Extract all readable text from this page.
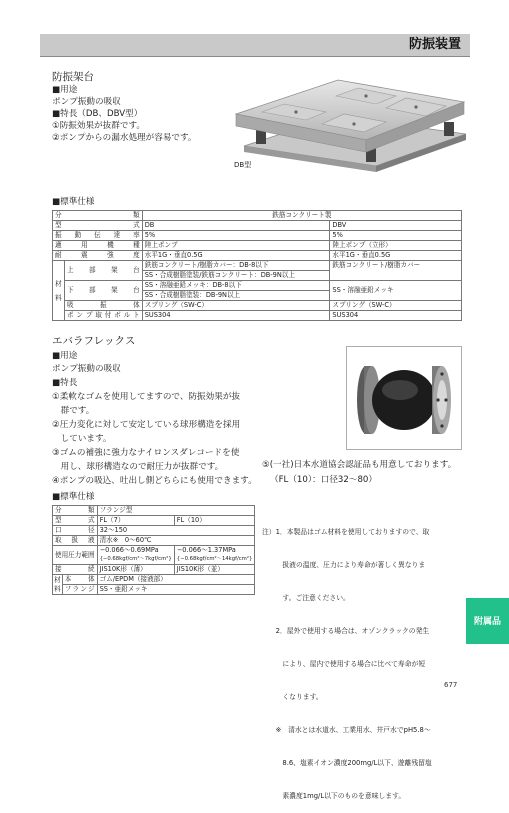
防振装置
防振架台
■用途
ポンプ振動の吸収
■特長（DB、DBV型）
①防振効果が抜群です。
②ポンプからの漏水処理が容易です。
DB型
■標準仕様
分類		鉄筋コンクリート製	
型式		DB	DBV
振動伝達率		5%	5%
適用機種		陸上ポンプ	陸上ポンプ（立形）
耐震強度		水平1G・垂直0.5G	水平1G・垂直0.5G
材料	上部架台	鉄筋コンクリート/樹脂カバー：DB-8以下	鉄筋コンクリート/樹脂カバー
		SS・合成樹脂塗装/鉄筋コンクリート：DB-9N以上	
	下部架台	SS・溶融亜鉛メッキ：DB-8以下	SS・溶融亜鉛メッキ
		SS・合成樹脂塗装：DB-9N以上	
	吸振体	スプリング（SW-C）	スプリング（SW-C）
	ポンプ取付ボルト	SUS304	SUS304
エバラフレックス
■用途
ポンプ振動の吸収
■特長
①柔軟なゴムを使用してますので、防振効果が抜
　群です。
②圧力変化に対して安定している球形構造を採用
　しています。
③ゴムの補強に強力なナイロンスダレコードを使
　用し、球形構造なので耐圧力が抜群です。
④ポンプの吸込、吐出し側どちらにも使用できます。
⑤(一社)日本水道協会認証品も用意しております。
（FL（10）：口径32～80）
■標準仕様
分類		フランジ型	
型式		FL（7）	FL（10）
口径		32～150	
取扱液		清水※　0～60℃	
使用圧力範囲		−0.066〜0.69MPa	−0.066〜1.37MPa
		{−0.68kgf/cm²〜7kgf/cm²}	{−0.68kgf/cm²〜14kgf/cm²}
接続		JIS10K形（薄）	JIS10K形（並）
材料	本体	ゴム/EPDM（接液部）	
	フランジ	SS・亜鉛メッキ	

注）1．本製品はゴム材料を使用しておりますので、取

　　　扱液の温度、圧力により寿命が著しく異なりま

　　　す。ご注意ください。

　　2．屋外で使用する場合は、オゾンクラックの発生

　　　により、屋内で使用する場合に比べて寿命が短

　　　くなります。

　　※　清水とは水道水、工業用水、井戸水でpH5.8～

　　　8.6、塩素イオン濃度200mg/L以下、遊離残留塩

　　　素濃度1mg/L以下のものを意味します。

附属品
677
